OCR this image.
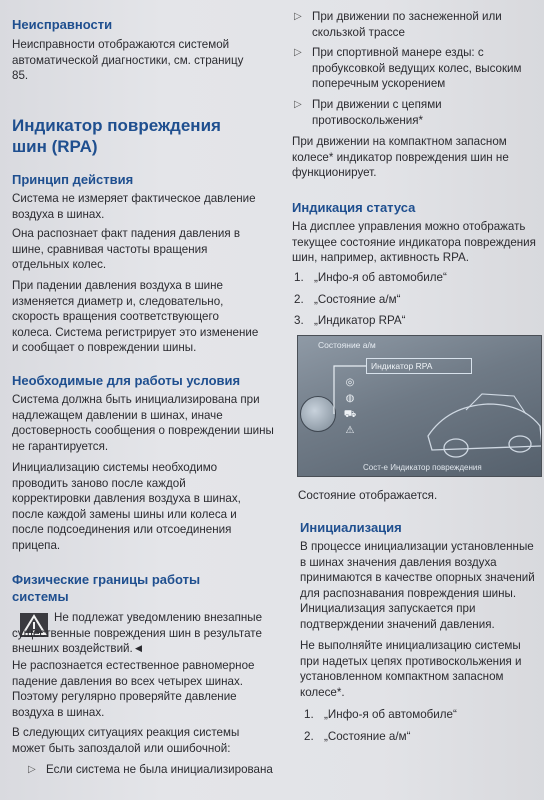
Неисправности

Неисправности отображаются системой автоматической диагностики, см. страницу 85.

Индикатор повреждения
шин (RPA)
Принцип действия

Система не измеряет фактическое давление воздуха в шинах.

Она распознает факт падения давления в шине, сравнивая частоты вращения отдельных колес.

При падении давления воздуха в шине изменяется диаметр и, следовательно, скорость вращения соответствующего колеса. Система регистрирует это изменение и сообщает о повреждении шины.

Необходимые для работы условия

Система должна быть инициализирована при надлежащем давлении в шинах, иначе достоверность сообщения о повреждении шины не гарантируется.

Инициализацию системы необходимо проводить заново после каждой корректировки давления воздуха в шинах, после каждой замены шины или колеса и после подсоединения или отсоединения прицепа.

Физические границы работы
системы

Не подлежат уведомлению внезапные существенные повреждения шин в результате внешних воздействий.◄

Не распознается естественное равномерное падение давления во всех четырех шинах. Поэтому регулярно проверяйте давление воздуха в шинах.

В следующих ситуациях реакция системы может быть запоздалой или ошибочной:

▷ Если система не была инициализирована
▷ При движении по заснеженной или скользкой трассе
▷ При спортивной манере езды: с пробуксовкой ведущих колес, высоким поперечным ускорением
▷ При движении с цепями противоскольжения*

При движении на компактном запасном колесе* индикатор повреждения шин не функционирует.

Индикация статуса

На дисплее управления можно отображать текущее состояние индикатора повреждения шин, например, активность RPA.

1. „Инфо-я об автомобиле“
2. „Состояние а/м“
3. „Индикатор RPA“

Состояние отображается.

Инициализация

В процессе инициализации установленные в шинах значения давления воздуха принимаются в качестве опорных значений для распознавания повреждения шины. Инициализация запускается при подтверждении значений давления.

Не выполняйте инициализацию системы при надетых цепях противоскольжения и установленном компактном запасном колесе*.

1. „Инфо-я об автомобиле“
2. „Состояние а/м“
Состояние а/м
Индикатор RPA
◎
◍
⛟
⚠
Сост-е Индикатор повреждения
